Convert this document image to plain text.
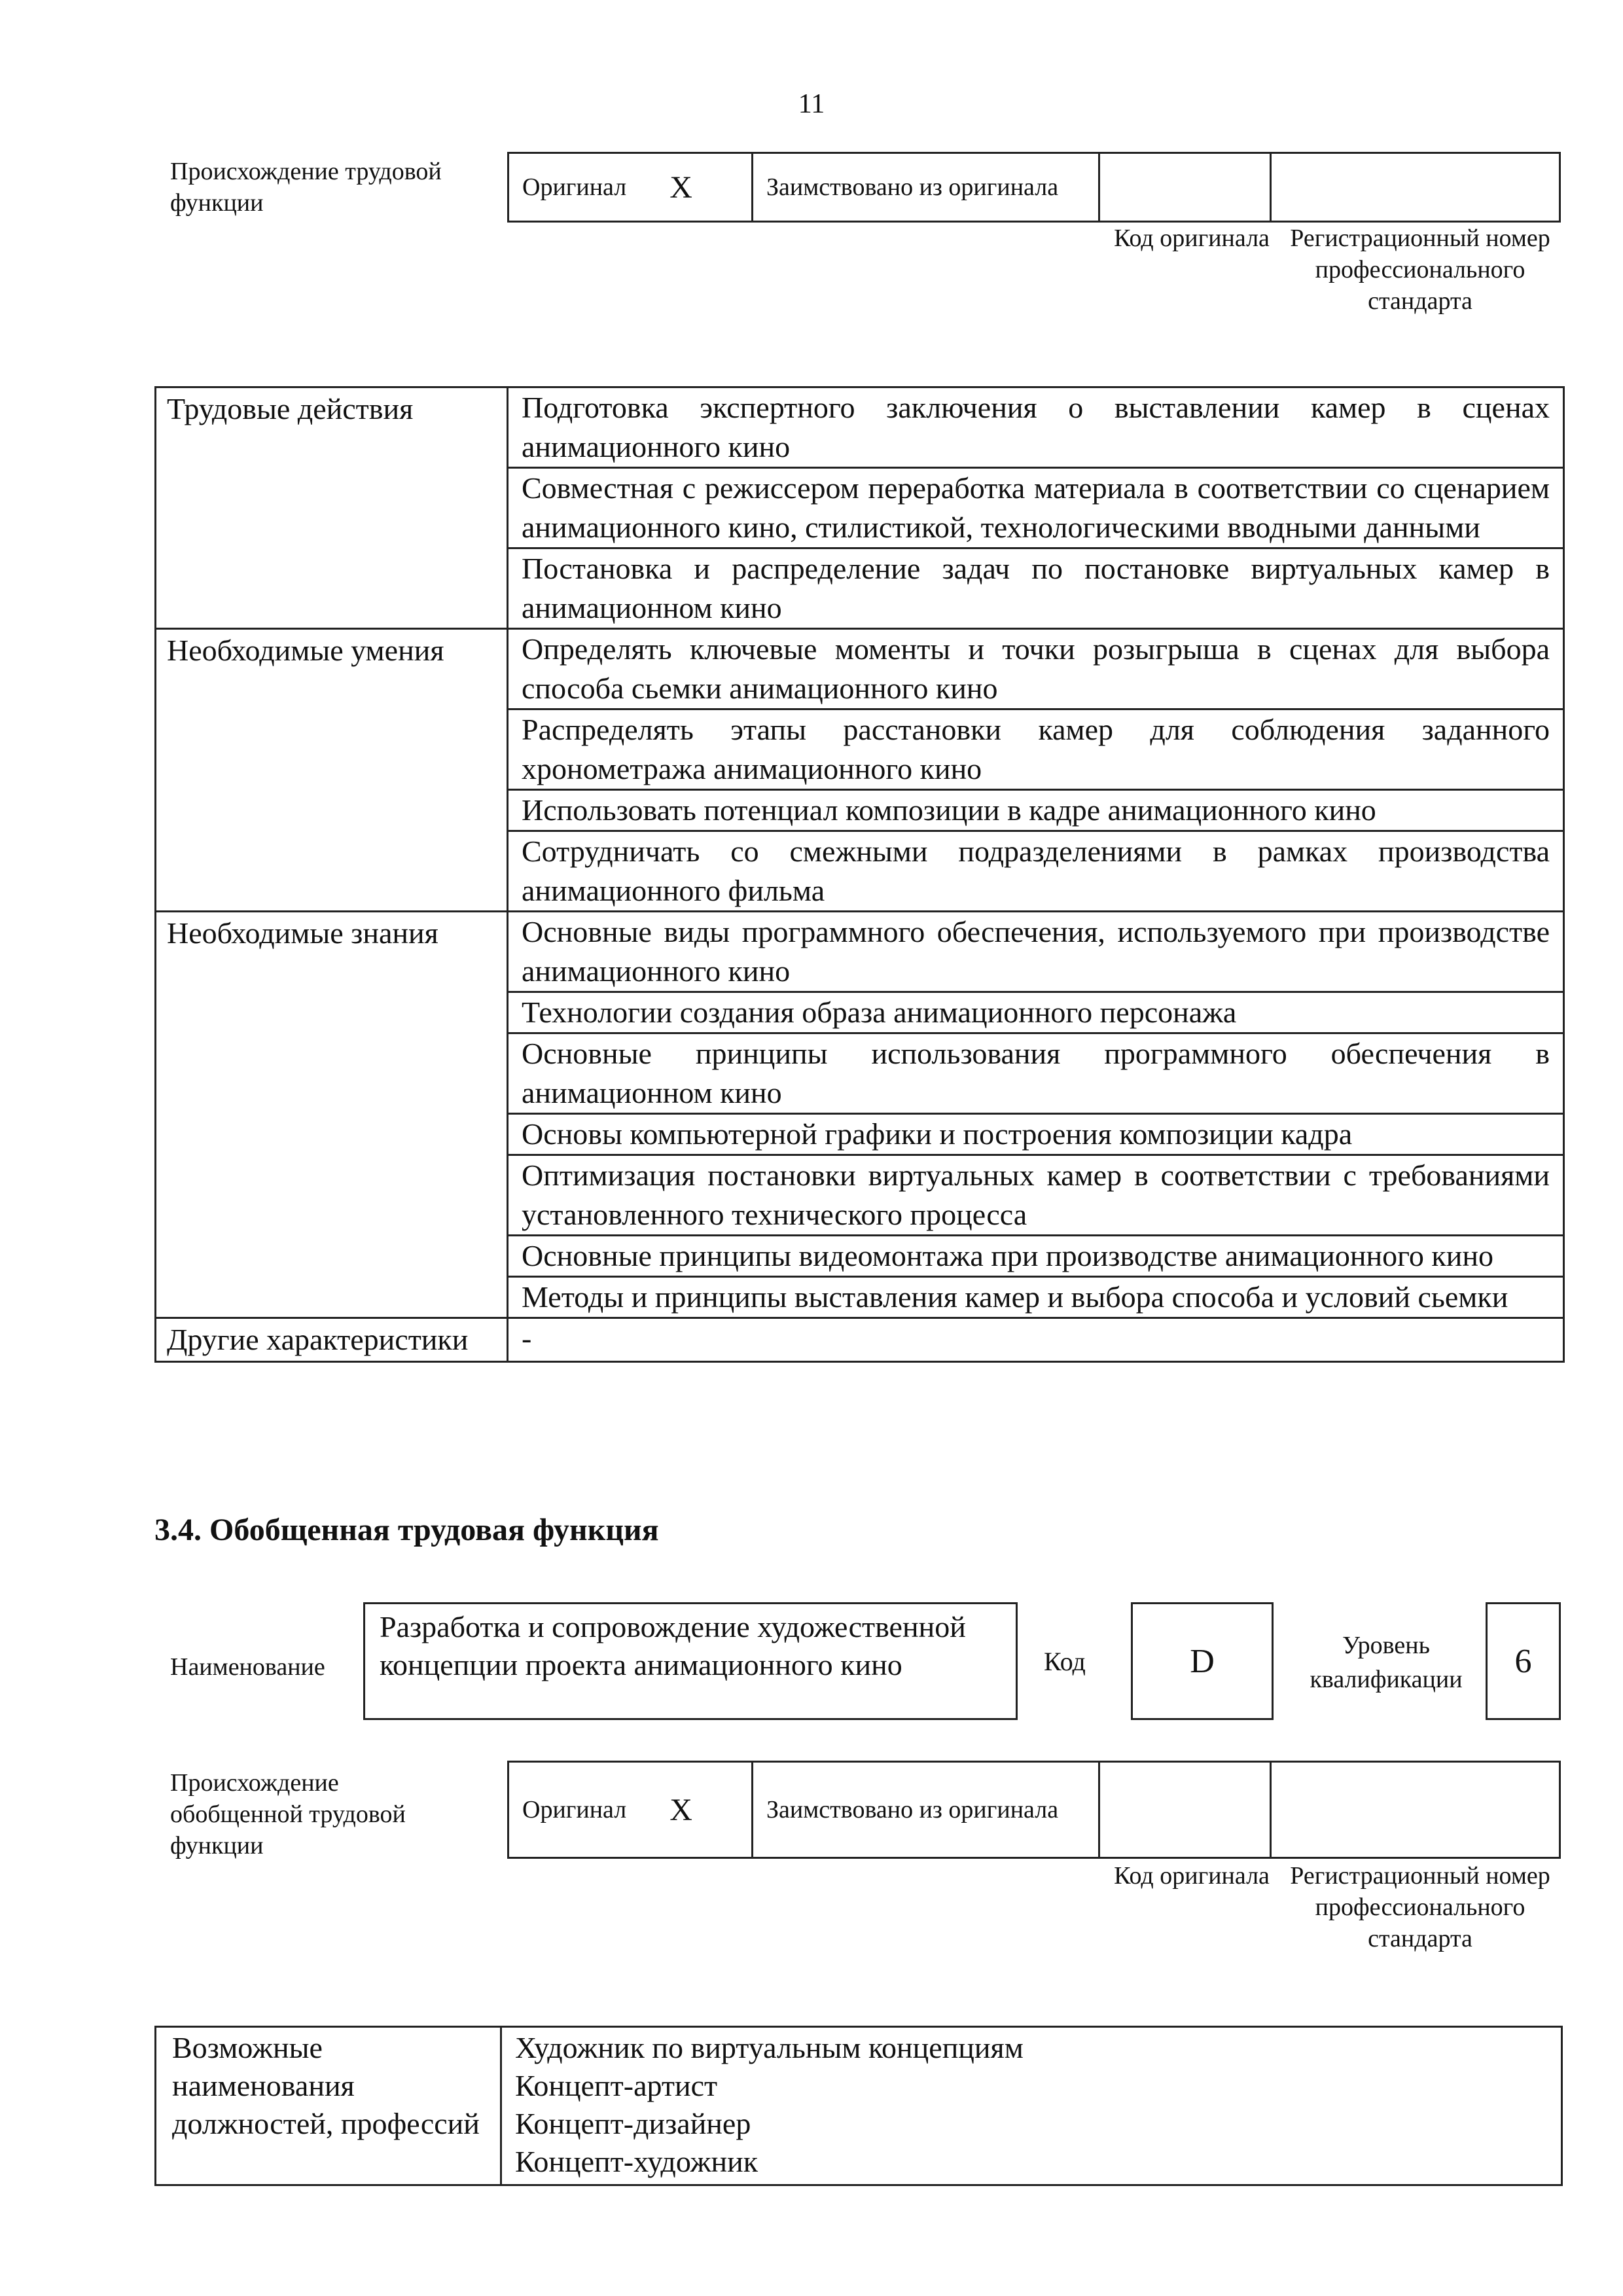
11
Происхождение трудовой функции
Оригинал X	Заимствовано из оригинала
Код оригинала Регистрационный номер профессионального стандарта
Трудовые действия	Подготовка экспертного заключения о выставлении камер в сценах анимационного кино
	Совместная с режиссером переработка материала в соответствии со сценарием анимационного кино, стилистикой, технологическими вводными данными
	Постановка и распределение задач по постановке виртуальных камер в анимационном кино
Необходимые умения	Определять ключевые моменты и точки розыгрыша в сценах для выбора способа сьемки анимационного кино
	Распределять этапы расстановки камер для соблюдения заданного хронометража анимационного кино
	Использовать потенциал композиции в кадре анимационного кино
	Сотрудничать со смежными подразделениями в рамках производства анимационного фильма
Необходимые знания	Основные виды программного обеспечения, используемого при производстве анимационного кино
	Технологии создания образа анимационного персонажа
	Основные принципы использования программного обеспечения в анимационном кино
	Основы компьютерной графики и построения композиции кадра
	Оптимизация постановки виртуальных камер в соответствии с требованиями установленного технического процесса
	Основные принципы видеомонтажа при производстве анимационного кино
	Методы и принципы выставления камер и выбора способа и условий сьемки
Другие характеристики	-
3.4. Обобщенная трудовая функция
Наименование
Разработка и сопровождение художественной концепции проекта анимационного кино	Код	D	Уровень квалификации	6
Происхождение обобщенной трудовой функции
Оригинал X	Заимствовано из оригинала
Код оригинала Регистрационный номер профессионального стандарта
Возможные наименования должностей, профессий
Художник по виртуальным концепциям
Концепт-артист
Концепт-дизайнер
Концепт-художник
